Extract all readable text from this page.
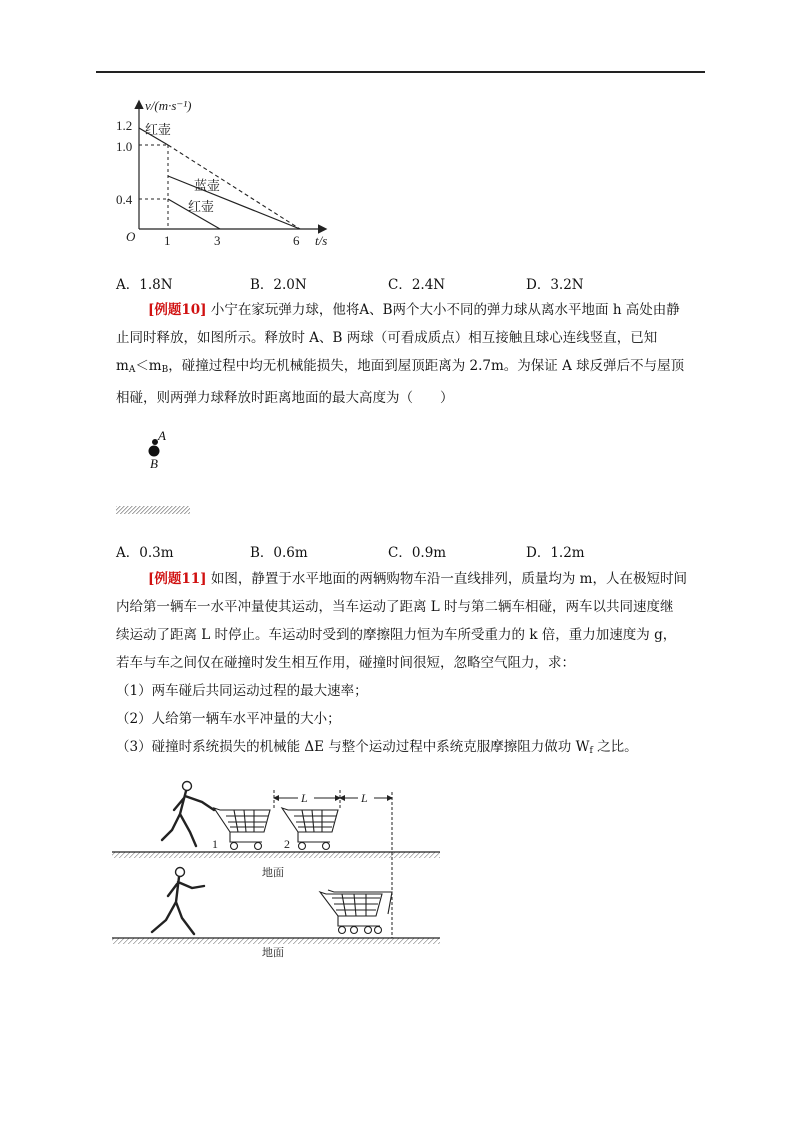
v/(m·s⁻¹)
t/s
O
1.2
1.0
0.4
1	3	6
红壶
蓝壶
红壶
A．1.8N	B．2.0N	C．2.4N	D．3.2N
[例题10] 小宁在家玩弹力球，他将A、B两个大小不同的弹力球从离水平地面 h 高处由静
止同时释放，如图所示。释放时 A、B 两球（可看成质点）相互接触且球心连线竖直，已知
$m_A<m_B$，碰撞过程中均无机械能损失，地面到屋顶距离为 2.7m。为保证 A 球反弹后不与屋顶
相碰，则两弹力球释放时距离地面的最大高度为（　　）
A
B
A．0.3m	B．0.6m	C．0.9m	D．1.2m
[例题11] 如图，静置于水平地面的两辆购物车沿一直线排列，质量均为 m，人在极短时间
内给第一辆车一水平冲量使其运动，当车运动了距离 L 时与第二辆车相碰，两车以共同速度继
续运动了距离 L 时停止。车运动时受到的摩擦阻力恒为车所受重力的 k 倍，重力加速度为 g，
若车与车之间仅在碰撞时发生相互作用，碰撞时间很短，忽略空气阻力，求：
（1）两车碰后共同运动过程的最大速率；
（2）人给第一辆车水平冲量的大小；
（3）碰撞时系统损失的机械能 ΔE 与整个运动过程中系统克服摩擦阻力做功 $W_f$ 之比。
1	2
L	L
地面
地面
